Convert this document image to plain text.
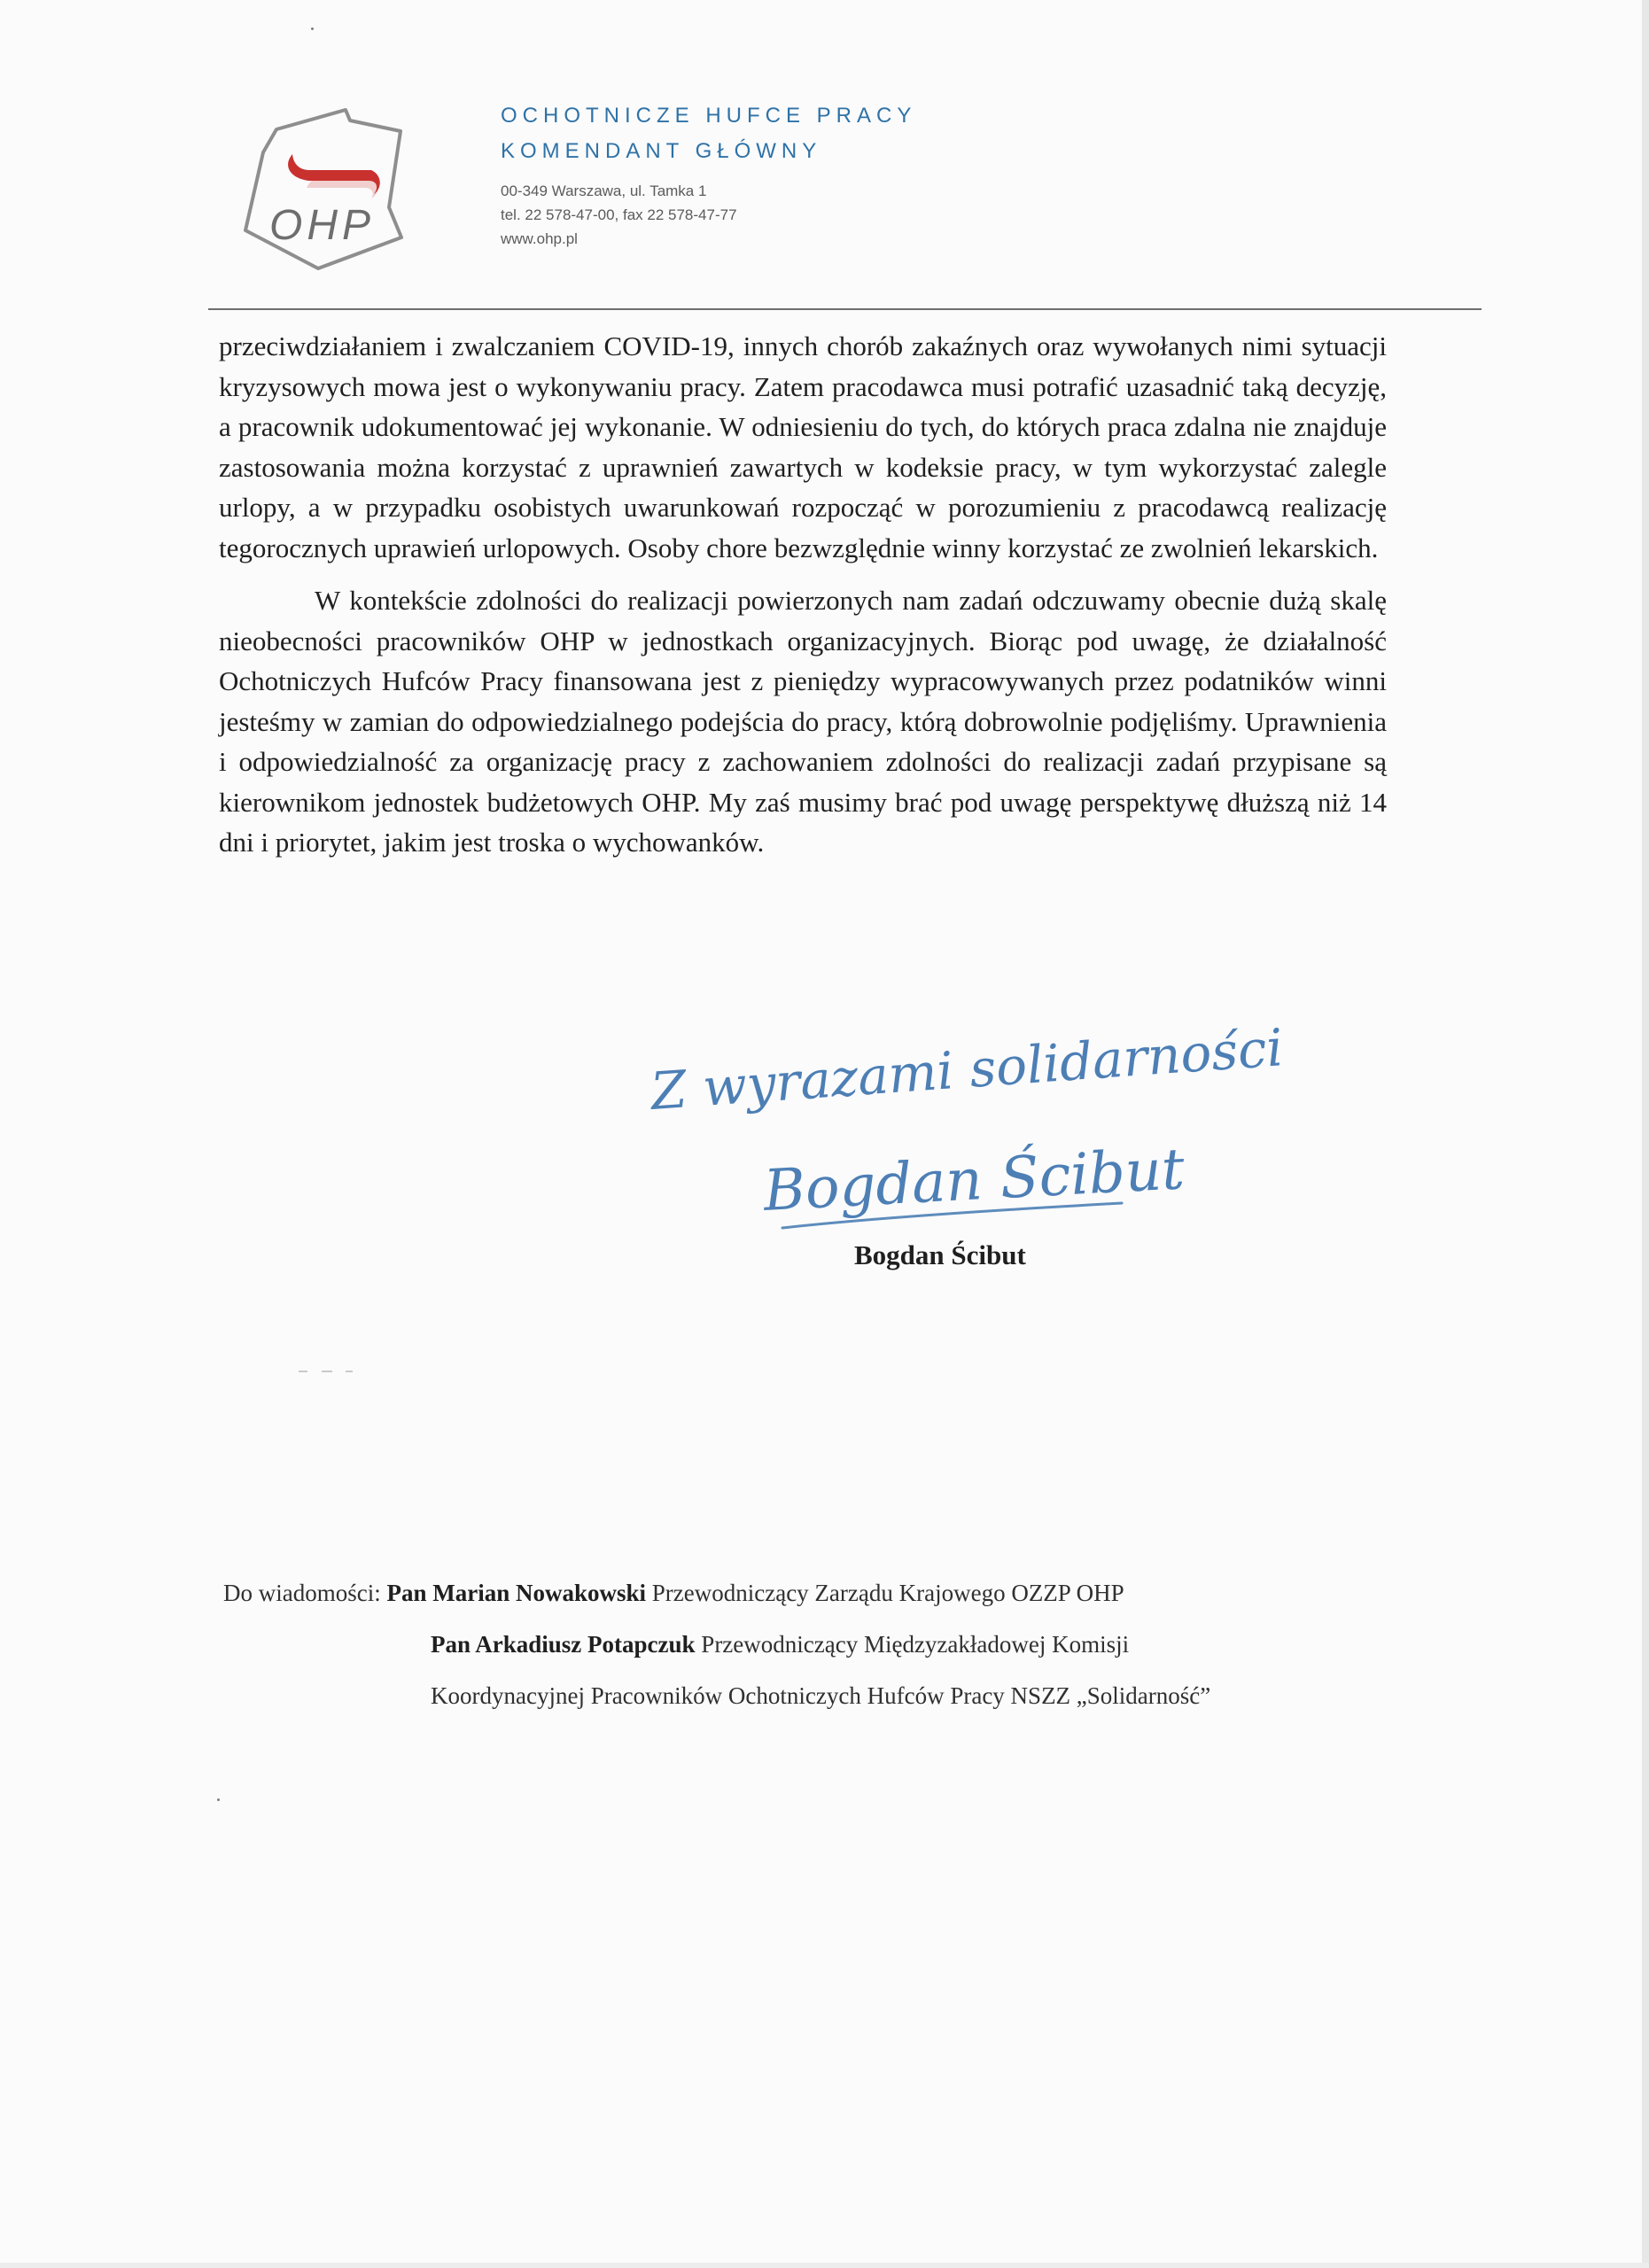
OHP
OCHOTNICZE HUFCE PRACY
KOMENDANT GŁÓWNY
00-349 Warszawa, ul. Tamka 1
tel. 22 578-47-00, fax 22 578-47-77
www.ohp.pl

przeciwdziałaniem i zwalczaniem COVID-19, innych chorób zakaźnych oraz wywołanych nimi sytuacji kryzysowych mowa jest o wykonywaniu pracy. Zatem pracodawca musi potrafić uzasadnić taką decyzję, a pracownik udokumentować jej wykonanie. W odniesieniu do tych, do których praca zdalna nie znajduje zastosowania można korzystać z uprawnień zawartych w kodeksie pracy, w tym wykorzystać zalegle urlopy, a w przypadku osobistych uwarunkowań rozpocząć w porozumieniu z pracodawcą realizację tegorocznych uprawień urlopowych. Osoby chore bezwzględnie winny korzystać ze zwolnień lekarskich.

W kontekście zdolności do realizacji powierzonych nam zadań odczuwamy obecnie dużą skalę nieobecności pracowników OHP w jednostkach organizacyjnych. Biorąc pod uwagę, że działalność Ochotniczych Hufców Pracy finansowana jest z pieniędzy wypracowywanych przez podatników winni jesteśmy w zamian do odpowiedzialnego podejścia do pracy, którą dobrowolnie podjęliśmy. Uprawnienia i odpowiedzialność za organizację pracy z zachowaniem zdolności do realizacji zadań przypisane są kierownikom jednostek budżetowych OHP. My zaś musimy brać pod uwagę perspektywę dłuższą niż 14 dni i priorytet, jakim jest troska o wychowanków.

Z wyrazami solidarności
Bogdan Ścibut
Bogdan Ścibut
Do wiadomości: Pan Marian Nowakowski Przewodniczący Zarządu Krajowego OZZP OHP
Pan Arkadiusz Potapczuk Przewodniczący Międzyzakładowej Komisji
Koordynacyjnej Pracowników Ochotniczych Hufców Pracy NSZZ „Solidarność”
